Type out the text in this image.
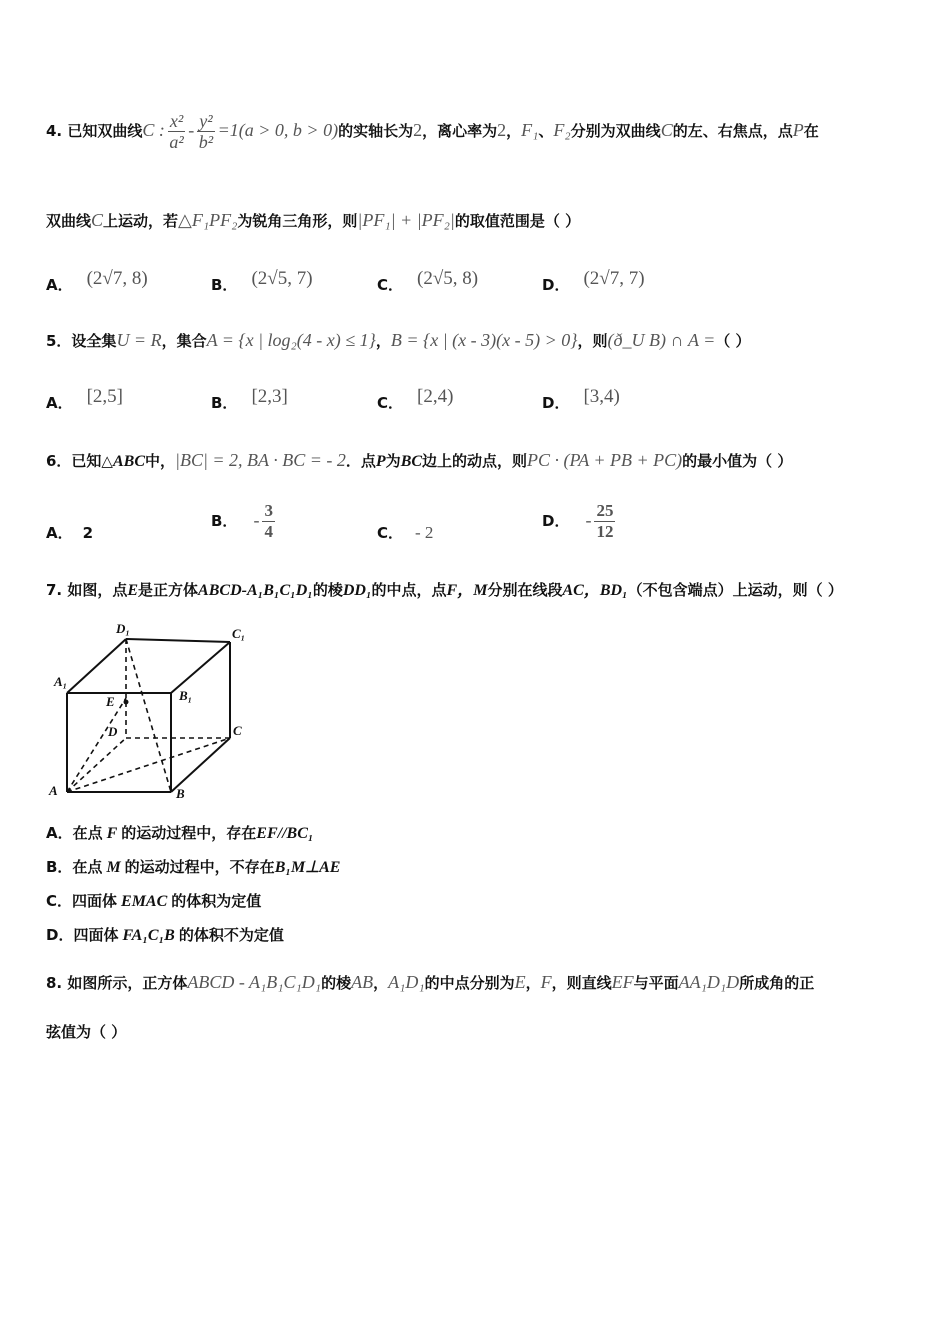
4. 已知双曲线C : $\frac{\text{x²}}{\text{a²}} - \frac{\text{y²}}{\text{b²}} =1(a > 0$, b > 0)的实轴长为2，离心率为2，F₁、F₂分别为双曲线C的左、右焦点，点P在
双曲线C上运动，若△F₁PF₂为锐角三角形，则|PF₁| + |PF₂|的取值范围是（ ）
A． (2√7, 8)	B． (2√5, 7)	C． (2√5, 8)	D． (2√7, 7)
5．设全集U = R，集合A = {x | log₂(4 - x) ≤ 1}，B = {x | (x - 3)(x - 5) > 0}，则(ð_U B) ∩ A =（ ）
A． [2,5]	B． [2,3]	C． [2,4)	D． [3,4)
6．已知△ABC中，|BC| = 2, BA · BC = - 2．点P为BC边上的动点，则PC · (PA + PB + PC)的最小值为（ ）
A． 2
B． - $\frac{3}{4}$	C． - 2
D． - $\frac{25}{12}$
7. 如图，点E是正方体ABCD-A₁B₁C₁D₁的棱DD₁的中点，点F，M分别在线段AC，BD₁（不包含端点）上运动，则（ ）
D₁	C₁
A₁
B₁
E
D	C
A	B
A．在点 F 的运动过程中，存在EF//BC₁
B．在点 M 的运动过程中，不存在B₁M⊥AE
C．四面体 EMAC 的体积为定值
D．四面体 FA₁C₁B 的体积不为定值
8. 如图所示，正方体ABCD - A₁B₁C₁D₁的棱AB，A₁D₁的中点分别为E，F，则直线EF与平面AA₁D₁D所成角的正
弦值为（ ）
